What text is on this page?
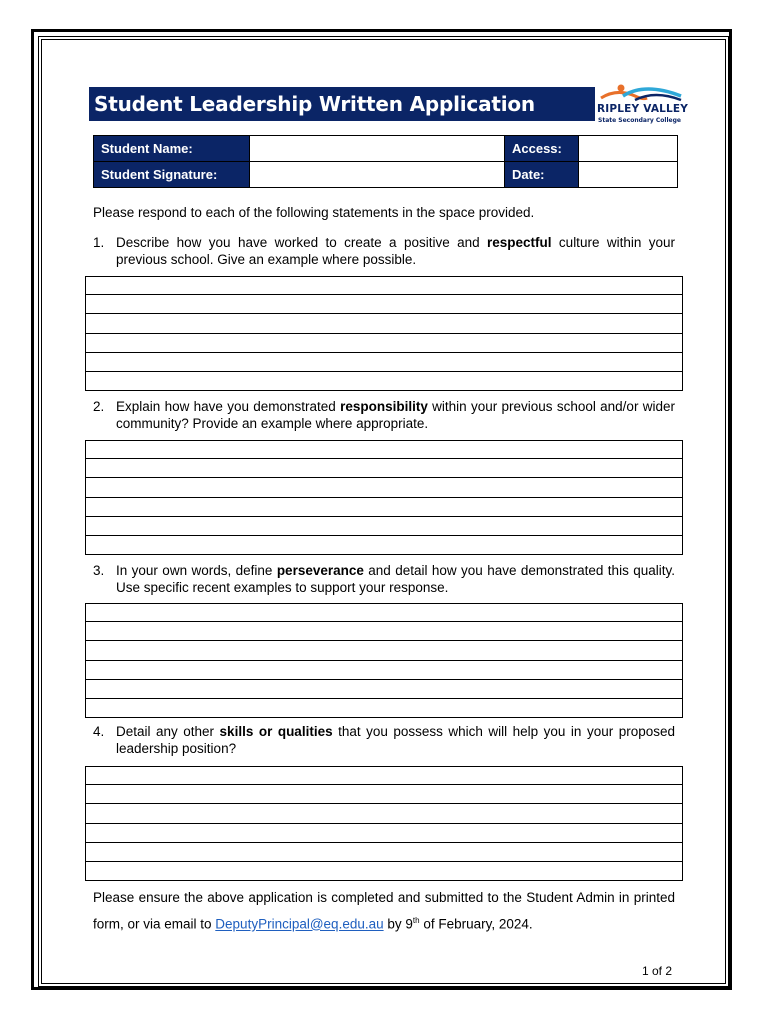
Student Leadership Written Application	RIPLEY VALLEY
State Secondary College
Student Name:		Access:	
Student Signature:		Date:	
Please respond to each of the following statements in the space provided.
1. Describe how you have worked to create a positive and respectful culture within your previous school. Give an example where possible.
2. Explain how have you demonstrated responsibility within your previous school and/or wider community? Provide an example where appropriate.
3. In your own words, define perseverance and detail how you have demonstrated this quality. Use specific recent examples to support your response.
4. Detail any other skills or qualities that you possess which will help you in your proposed leadership position?
Please ensure the above application is completed and submitted to the Student Admin in printed form, or via email to DeputyPrincipal@eq.edu.au by 9th of February, 2024.
1 of 2
